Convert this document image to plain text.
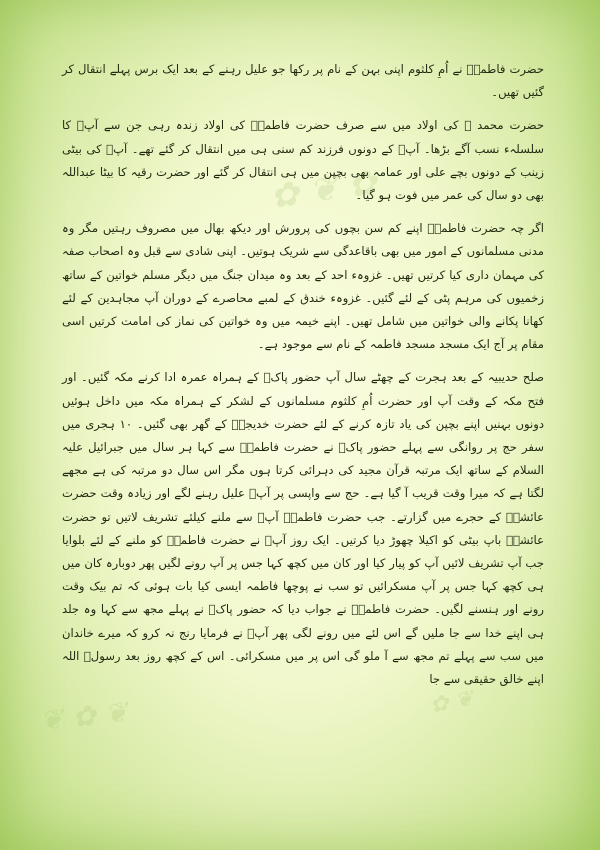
✿ ❦ ✿
❦ ✿ ❦	✿ ❦

حضرت فاطمہؓ نے اُمِ کلثوم اپنی بہن کے نام پر رکھا جو علیل رہنے کے بعد ایک برس پہلے انتقال کر گئیں تھیں۔

حضرت محمد ﷺ کی اولاد میں سے صرف حضرت فاطمہؓ کی اولاد زندہ رہی جن سے آپؐ کا سلسلہء نسب آگے بڑھا۔ آپؐ کے دونوں فرزند کم سنی ہی میں انتقال کر گئے تھے۔ آپؐ کی بیٹی زینب کے دونوں بچے علی اور عمامہ بھی بچپن میں ہی انتقال کر گئے اور حضرت رقیہ کا بیٹا عبداللہ بھی دو سال کی عمر میں فوت ہو گیا۔

اگر چہ حضرت فاطمہؓ اپنے کم سن بچوں کی پرورش اور دیکھ بھال میں مصروف رہتیں مگر وہ مدنی مسلمانوں کے امور میں بھی باقاعدگی سے شریک ہوتیں۔ اپنی شادی سے قبل وہ اصحاب صفہ کی مہمان داری کیا کرتیں تھیں۔ غزوہء احد کے بعد وہ میدان جنگ میں دیگر مسلم خواتین کے ساتھ زخمیوں کی مرہم پٹی کے لئے گئیں۔ غزوہء خندق کے لمبے محاصرے کے دوران آپ مجاہدین کے لئے کھانا پکانے والی خواتین میں شامل تھیں۔ اپنے خیمہ میں وہ خواتین کی نماز کی امامت کرتیں اسی مقام پر آج ایک مسجد مسجد فاطمہ کے نام سے موجود ہے۔

صلح حدیبیہ کے بعد ہجرت کے چھٹے سال آپ حضور پاکؐ کے ہمراہ عمرہ ادا کرنے مکہ گئیں۔ اور فتح مکہ کے وقت آپ اور حضرت اُمِ کلثوم مسلمانوں کے لشکر کے ہمراہ مکہ میں داخل ہوئیں دونوں بہنیں اپنے بچپن کی یاد تازہ کرنے کے لئے حضرت خدیجہؓ کے گھر بھی گئیں۔ ۱۰ ہجری میں سفر حج پر روانگی سے پہلے حضور پاکؐ نے حضرت فاطمہؓ سے کہا ہر سال میں جبرائیل علیہ السلام کے ساتھ ایک مرتبہ قرآن مجید کی دہرائی کرتا ہوں مگر اس سال دو مرتبہ کی ہے مجھے لگتا ہے کہ میرا وقت قریب آ گیا ہے۔ حج سے واپسی پر آپؐ علیل رہنے لگے اور زیادہ وقت حضرت عائشہؓ کے حجرے میں گزارتے۔ جب حضرت فاطمہؓ آپؐ سے ملنے کیلئے تشریف لاتیں تو حضرت عائشہؓ باپ بیٹی کو اکیلا چھوڑ دیا کرتیں۔ ایک روز آپؐ نے حضرت فاطمہؓ کو ملنے کے لئے بلوایا جب آپ تشریف لائیں آپ کو پیار کیا اور کان میں کچھ کہا جس پر آپ رونے لگیں پھر دوبارہ کان میں ہی کچھ کہا جس پر آپ مسکرائیں تو سب نے پوچھا فاطمہ ایسی کیا بات ہوئی کہ تم بیک وقت رونے اور ہنسنے لگیں۔ حضرت فاطمہؓ نے جواب دیا کہ حضور پاکؐ نے پہلے مجھ سے کہا وہ جلد ہی اپنے خدا سے جا ملیں گے اس لئے میں رونے لگی پھر آپؐ نے فرمایا رنج نہ کرو کہ میرے خاندان میں سب سے پہلے تم مجھ سے آ ملو گی اس پر میں مسکرائی۔ اس کے کچھ روز بعد رسولؐ اللہ اپنے خالق حقیقی سے جا
